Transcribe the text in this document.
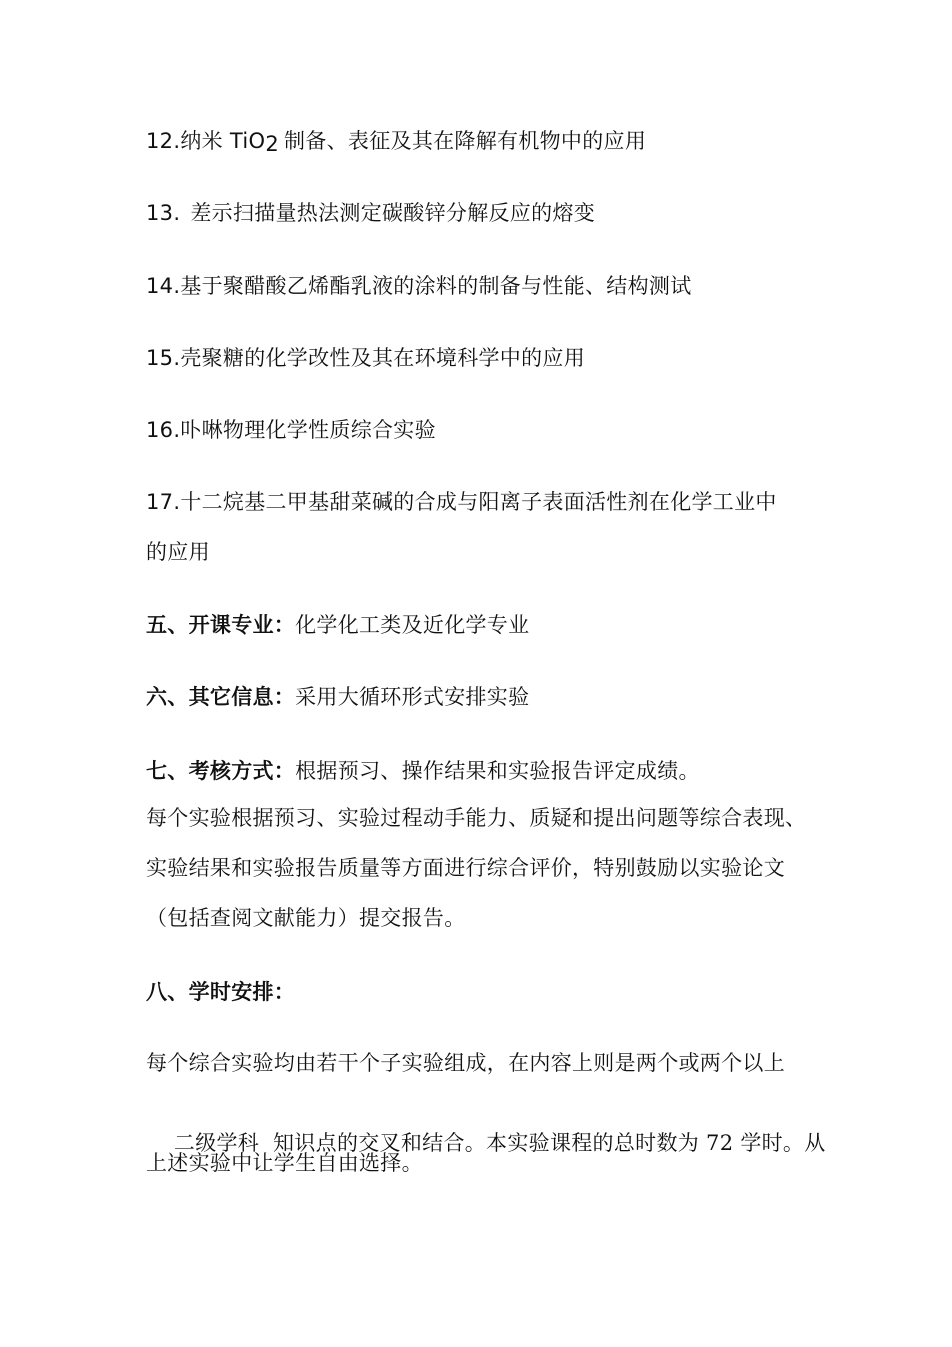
12.纳米 TiO$_2$ 制备、表征及其在降解有机物中的应用
13. 差示扫描量热法测定碳酸锌分解反应的熔变
14.基于聚醋酸乙烯酯乳液的涂料的制备与性能、结构测试
15.壳聚糖的化学改性及其在环境科学中的应用
16.卟啉物理化学性质综合实验
17.十二烷基二甲基甜菜碱的合成与阳离子表面活性剂在化学工业中
的应用
五、开课专业：化学化工类及近化学专业
六、其它信息：采用大循环形式安排实验
七、考核方式：根据预习、操作结果和实验报告评定成绩。
每个实验根据预习、实验过程动手能力、质疑和提出问题等综合表现、
实验结果和实验报告质量等方面进行综合评价，特别鼓励以实验论文
（包括查阅文献能力）提交报告。
八、学时安排：
每个综合实验均由若干个子实验组成，在内容上则是两个或两个以上

二级学科  知识点的交叉和结合。本实验课程的总时数为 72 学时。从

上述实验中让学生自由选择。
